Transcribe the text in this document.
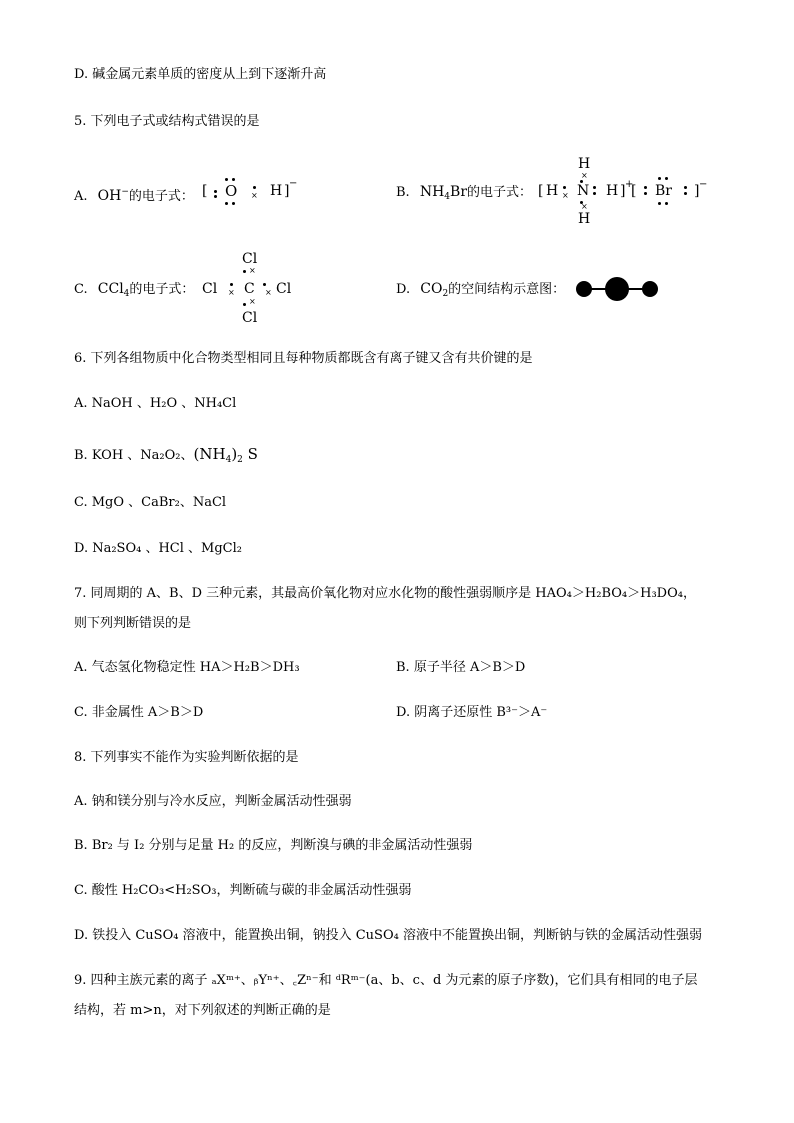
D. 碱金属元素单质的密度从上到下逐渐升高
5. 下列电子式或结构式错误的是
A. OH−的电子式： [ O × H ] −
B. $NH_4Br$的电子式： [ H ×
H
×
N
×
H
H ] +
[ Br ] −
C. CCl$_4$的电子式：
Cl
×
Cl × C × Cl
×
Cl
D. $CO_2$的空间结构示意图：
6. 下列各组物质中化合物类型相同且每种物质都既含有离子键又含有共价键的是
A. NaOH 、H₂O 、NH₄Cl
B. KOH 、Na₂O₂、$(NH_4)_2$ S
C. MgO 、CaBr₂、NaCl
D. Na₂SO₄ 、HCl 、MgCl₂
7. 同周期的 A、B、D 三种元素，其最高价氧化物对应水化物的酸性强弱顺序是 HAO₄＞H₂BO₄＞H₃DO₄，
则下列判断错误的是
A. 气态氢化物稳定性 HA＞H₂B＞DH₃	B. 原子半径 A＞B＞D
C. 非金属性 A＞B＞D	D. 阴离子还原性 B³⁻＞A⁻
8. 下列事实不能作为实验判断依据的是
A. 钠和镁分别与冷水反应，判断金属活动性强弱
B. Br₂ 与 I₂ 分别与足量 H₂ 的反应，判断溴与碘的非金属活动性强弱
C. 酸性 H₂CO₃<H₂SO₃，判断硫与碳的非金属活动性强弱
D. 铁投入 CuSO₄ 溶液中，能置换出铜，钠投入 CuSO₄ 溶液中不能置换出铜，判断钠与铁的金属活动性强弱
9. 四种主族元素的离子 ₐXᵐ⁺、ᵦYⁿ⁺、꜀Zⁿ⁻和 ᵈRᵐ⁻(a、b、c、d 为元素的原子序数)，它们具有相同的电子层
结构，若 m>n，对下列叙述的判断正确的是
